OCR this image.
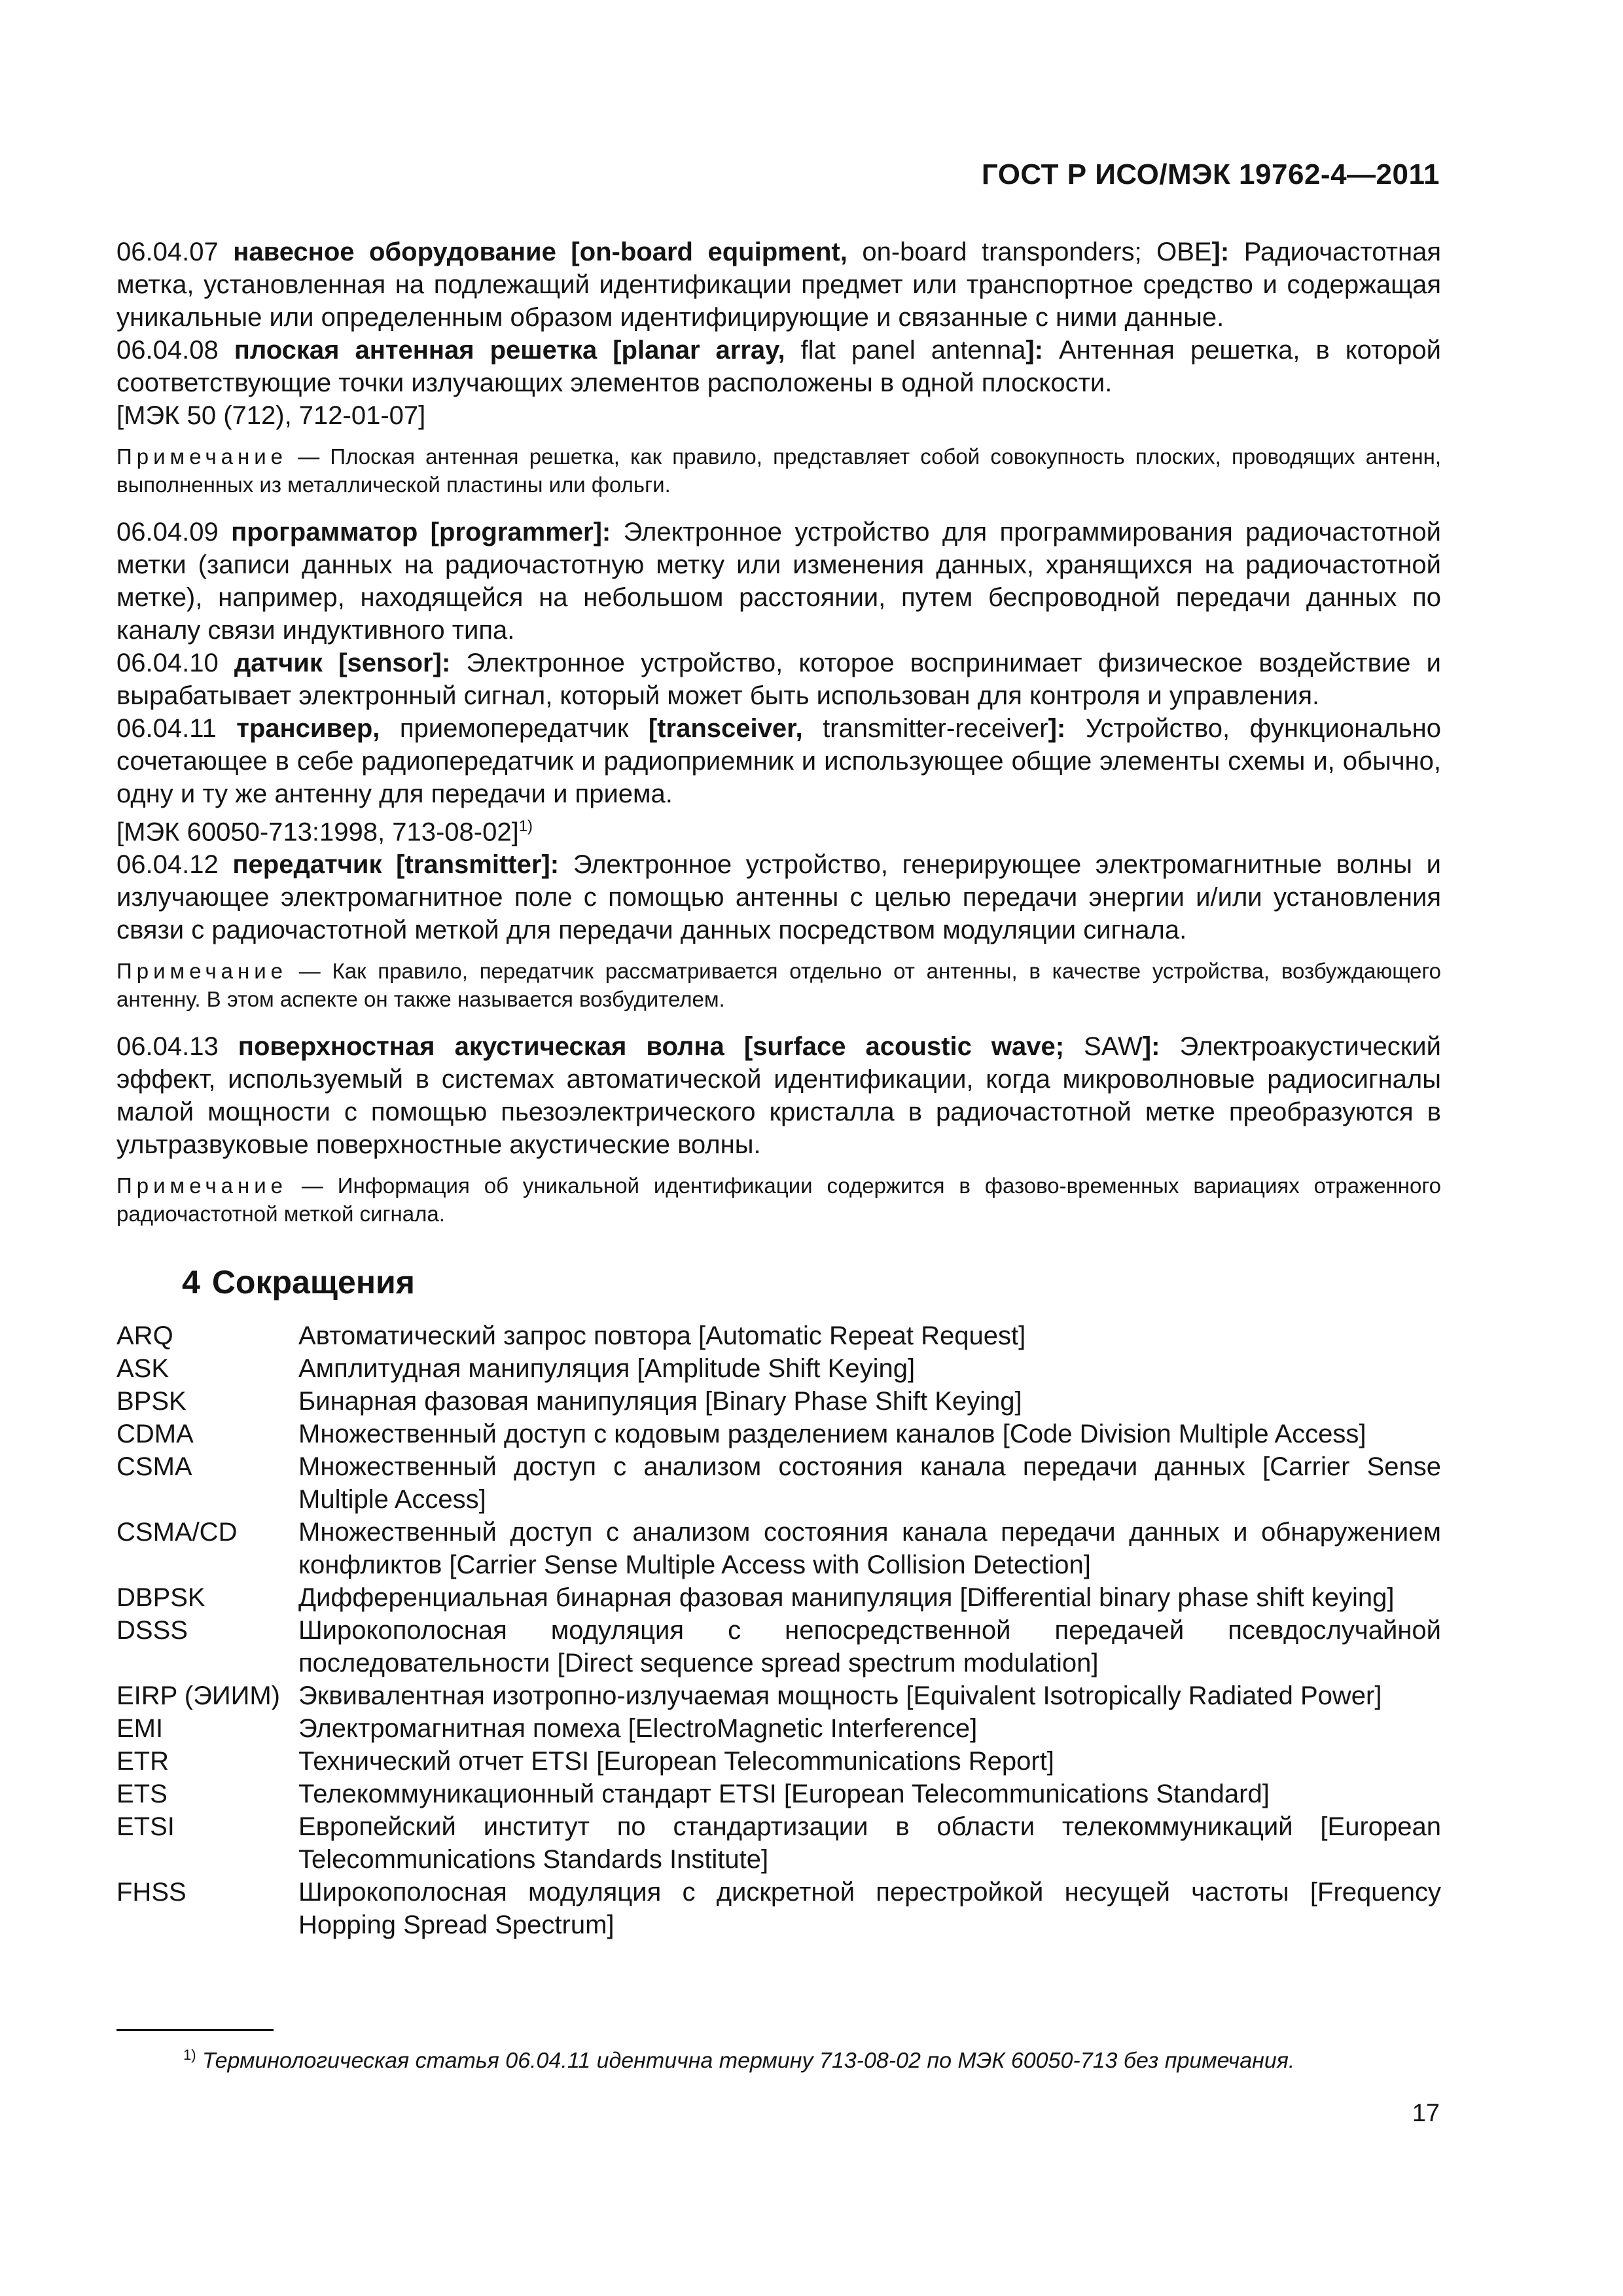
ГОСТ Р ИСО/МЭК 19762-4—2011

06.04.07 навесное оборудование [on-board equipment, on-board transponders; OBE]: Радиочастотная метка, установленная на подлежащий идентификации предмет или транспортное средство и содержащая уникальные или определенным образом идентифицирующие и связанные с ними данные.

06.04.08 плоская антенная решетка [planar array, flat panel antenna]: Антенная решетка, в которой соответствующие точки излучающих элементов расположены в одной плоскости.

[МЭК 50 (712), 712-01-07]

Примечание — Плоская антенная решетка, как правило, представляет собой совокупность плоских, проводящих антенн, выполненных из металлической пластины или фольги.

06.04.09 программатор [programmer]: Электронное устройство для программирования радиочастотной метки (записи данных на радиочастотную метку или изменения данных, хранящихся на радиочастотной метке), например, находящейся на небольшом расстоянии, путем беспроводной передачи данных по каналу связи индуктивного типа.

06.04.10 датчик [sensor]: Электронное устройство, которое воспринимает физическое воздействие и вырабатывает электронный сигнал, который может быть использован для контроля и управления.

06.04.11 трансивер, приемопередатчик [transceiver, transmitter-receiver]: Устройство, функционально сочетающее в себе радиопередатчик и радиоприемник и использующее общие элементы схемы и, обычно, одну и ту же антенну для передачи и приема.

[МЭК 60050-713:1998, 713-08-02]$^{1)}$

06.04.12 передатчик [transmitter]: Электронное устройство, генерирующее электромагнитные волны и излучающее электромагнитное поле с помощью антенны с целью передачи энергии и/или установления связи с радиочастотной меткой для передачи данных посредством модуляции сигнала.

Примечание — Как правило, передатчик рассматривается отдельно от антенны, в качестве устройства, возбуждающего антенну. В этом аспекте он также называется возбудителем.

06.04.13 поверхностная акустическая волна [surface acoustic wave; SAW]: Электроакустический эффект, используемый в системах автоматической идентификации, когда микроволновые радиосигналы малой мощности с помощью пьезоэлектрического кристалла в радиочастотной метке преобразуются в ультразвуковые поверхностные акустические волны.

Примечание — Информация об уникальной идентификации содержится в фазово-временных вариациях отраженного радиочастотной меткой сигнала.

4 Сокращения
ARQ	Автоматический запрос повтора [Automatic Repeat Request]
ASK	Амплитудная манипуляция [Amplitude Shift Keying]
BPSK	Бинарная фазовая манипуляция [Binary Phase Shift Keying]
CDMA	Множественный доступ с кодовым разделением каналов [Code Division Multiple Access]
CSMA	Множественный доступ с анализом состояния канала передачи данных [Carrier Sense Multiple Access]
CSMA/CD	Множественный доступ с анализом состояния канала передачи данных и обнаружением конфликтов [Carrier Sense Multiple Access with Collision Detection]
DBPSK	Дифференциальная бинарная фазовая манипуляция [Differential binary phase shift keying]
DSSS	Широкополосная модуляция с непосредственной передачей псевдослучайной последовательности [Direct sequence spread spectrum modulation]
EIRP (ЭИИМ) Эквивалентная изотропно-излучаемая мощность [Equivalent Isotropically Radiated Power]
EMI	Электромагнитная помеха [ElectroMagnetic Interference]
ETR	Технический отчет ETSI [European Telecommunications Report]
ETS	Телекоммуникационный стандарт ETSI [European Telecommunications Standard]
ETSI	Европейский институт по стандартизации в области телекоммуникаций [European Telecommunications Standards Institute]
FHSS	Широкополосная модуляция с дискретной перестройкой несущей частоты [Frequency Hopping Spread Spectrum]
$^{1)}$ Терминологическая статья 06.04.11 идентична термину 713-08-02 по МЭК 60050-713 без примечания.
17
